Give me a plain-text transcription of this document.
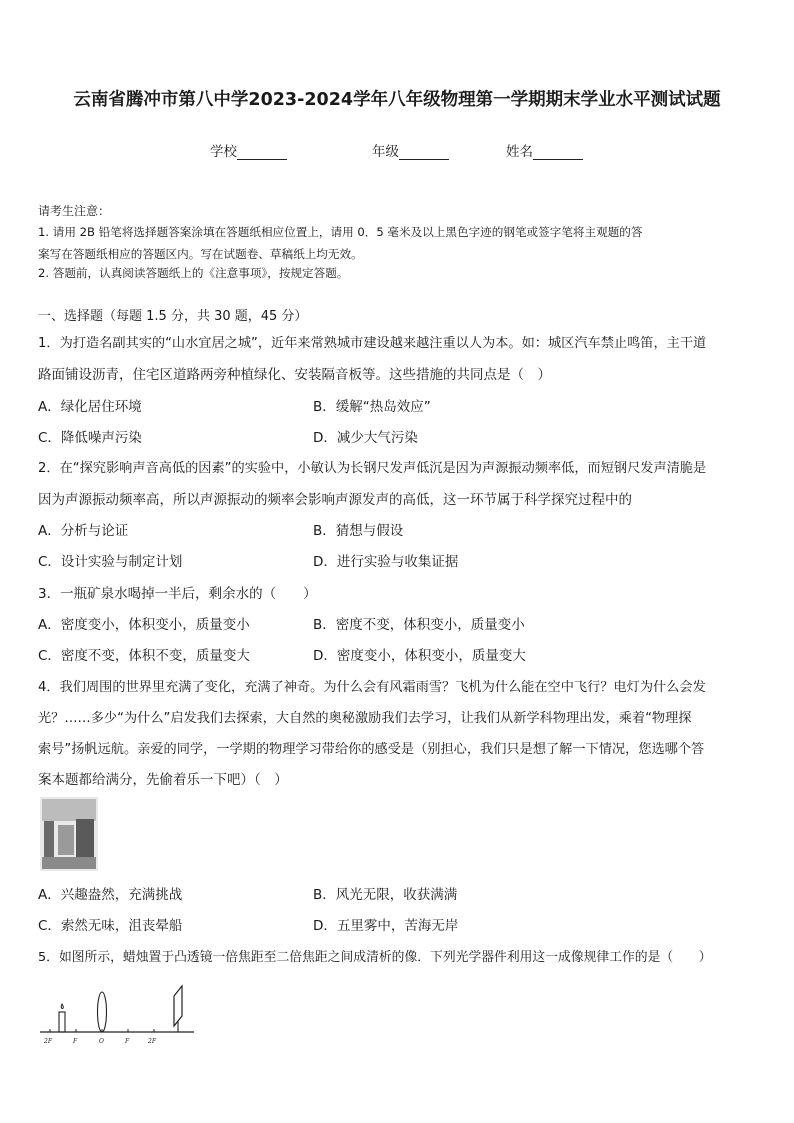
云南省腾冲市第八中学2023-2024学年八年级物理第一学期期末学业水平测试试题
学校	年级	姓名
请考生注意：
1. 请用 2B 铅笔将选择题答案涂填在答题纸相应位置上，请用 0．5 毫米及以上黑色字迹的钢笔或签字笔将主观题的答
案写在答题纸相应的答题区内。写在试题卷、草稿纸上均无效。
2. 答题前，认真阅读答题纸上的《注意事项》，按规定答题。
一、选择题（每题 1.5 分，共 30 题，45 分）
1．为打造名副其实的“山水宜居之城”，近年来常熟城市建设越来越注重以人为本。如：城区汽车禁止鸣笛，主干道
路面铺设沥青，住宅区道路两旁种植绿化、安装隔音板等。这些措施的共同点是（　）
A．绿化居住环境	B．缓解“热岛效应”
C．降低噪声污染	D．减少大气污染
2．在“探究影响声音高低的因素”的实验中，小敏认为长钢尺发声低沉是因为声源振动频率低，而短钢尺发声清脆是
因为声源振动频率高，所以声源振动的频率会影响声源发声的高低，这一环节属于科学探究过程中的
A．分析与论证	B．猜想与假设
C．设计实验与制定计划	D．进行实验与收集证据
3．一瓶矿泉水喝掉一半后，剩余水的（　　）
A．密度变小，体积变小，质量变小	B．密度不变，体积变小，质量变小
C．密度不变，体积不变，质量变大	D．密度变小，体积变小，质量变大
4．我们周围的世界里充满了变化，充满了神奇。为什么会有风霜雨雪？飞机为什么能在空中飞行？电灯为什么会发
光？……多少“为什么”启发我们去探索，大自然的奥秘激励我们去学习，让我们从新学科物理出发，乘着“物理探
索号”扬帆远航。亲爱的同学，一学期的物理学习带给你的感受是（别担心，我们只是想了解一下情况，您选哪个答
案本题都给满分，先偷着乐一下吧）（　）
A．兴趣盎然，充满挑战	B．风光无限，收获满满
C．索然无味，沮丧晕船	D．五里雾中，苦海无岸
5．如图所示，蜡烛置于凸透镜一倍焦距至二倍焦距之间成清析的像．下列光学器件利用这一成像规律工作的是（　　）
2F	F	O	F	2F
